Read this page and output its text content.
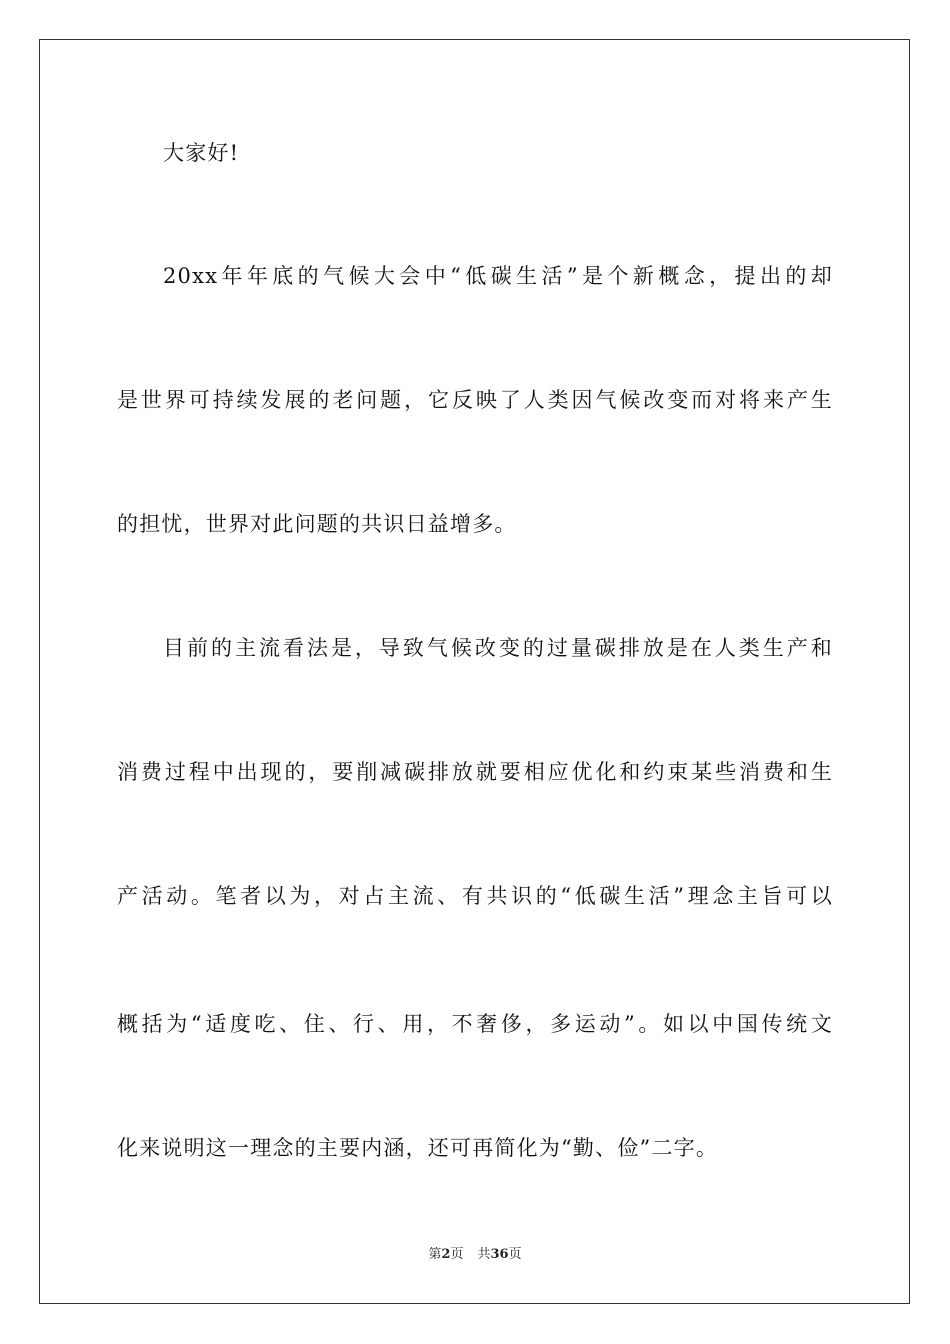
大家好!
20xx年年底的气候大会中“低碳生活”是个新概念，提出的却
是世界可持续发展的老问题，它反映了人类因气候改变而对将来产生
的担忧，世界对此问题的共识日益增多。
目前的主流看法是，导致气候改变的过量碳排放是在人类生产和
消费过程中出现的，要削减碳排放就要相应优化和约束某些消费和生
产活动。笔者以为，对占主流、有共识的“低碳生活”理念主旨可以
概括为“适度吃、住、行、用，不奢侈，多运动”。如以中国传统文
化来说明这一理念的主要内涵，还可再简化为“勤、俭”二字。
第2页 共36页
